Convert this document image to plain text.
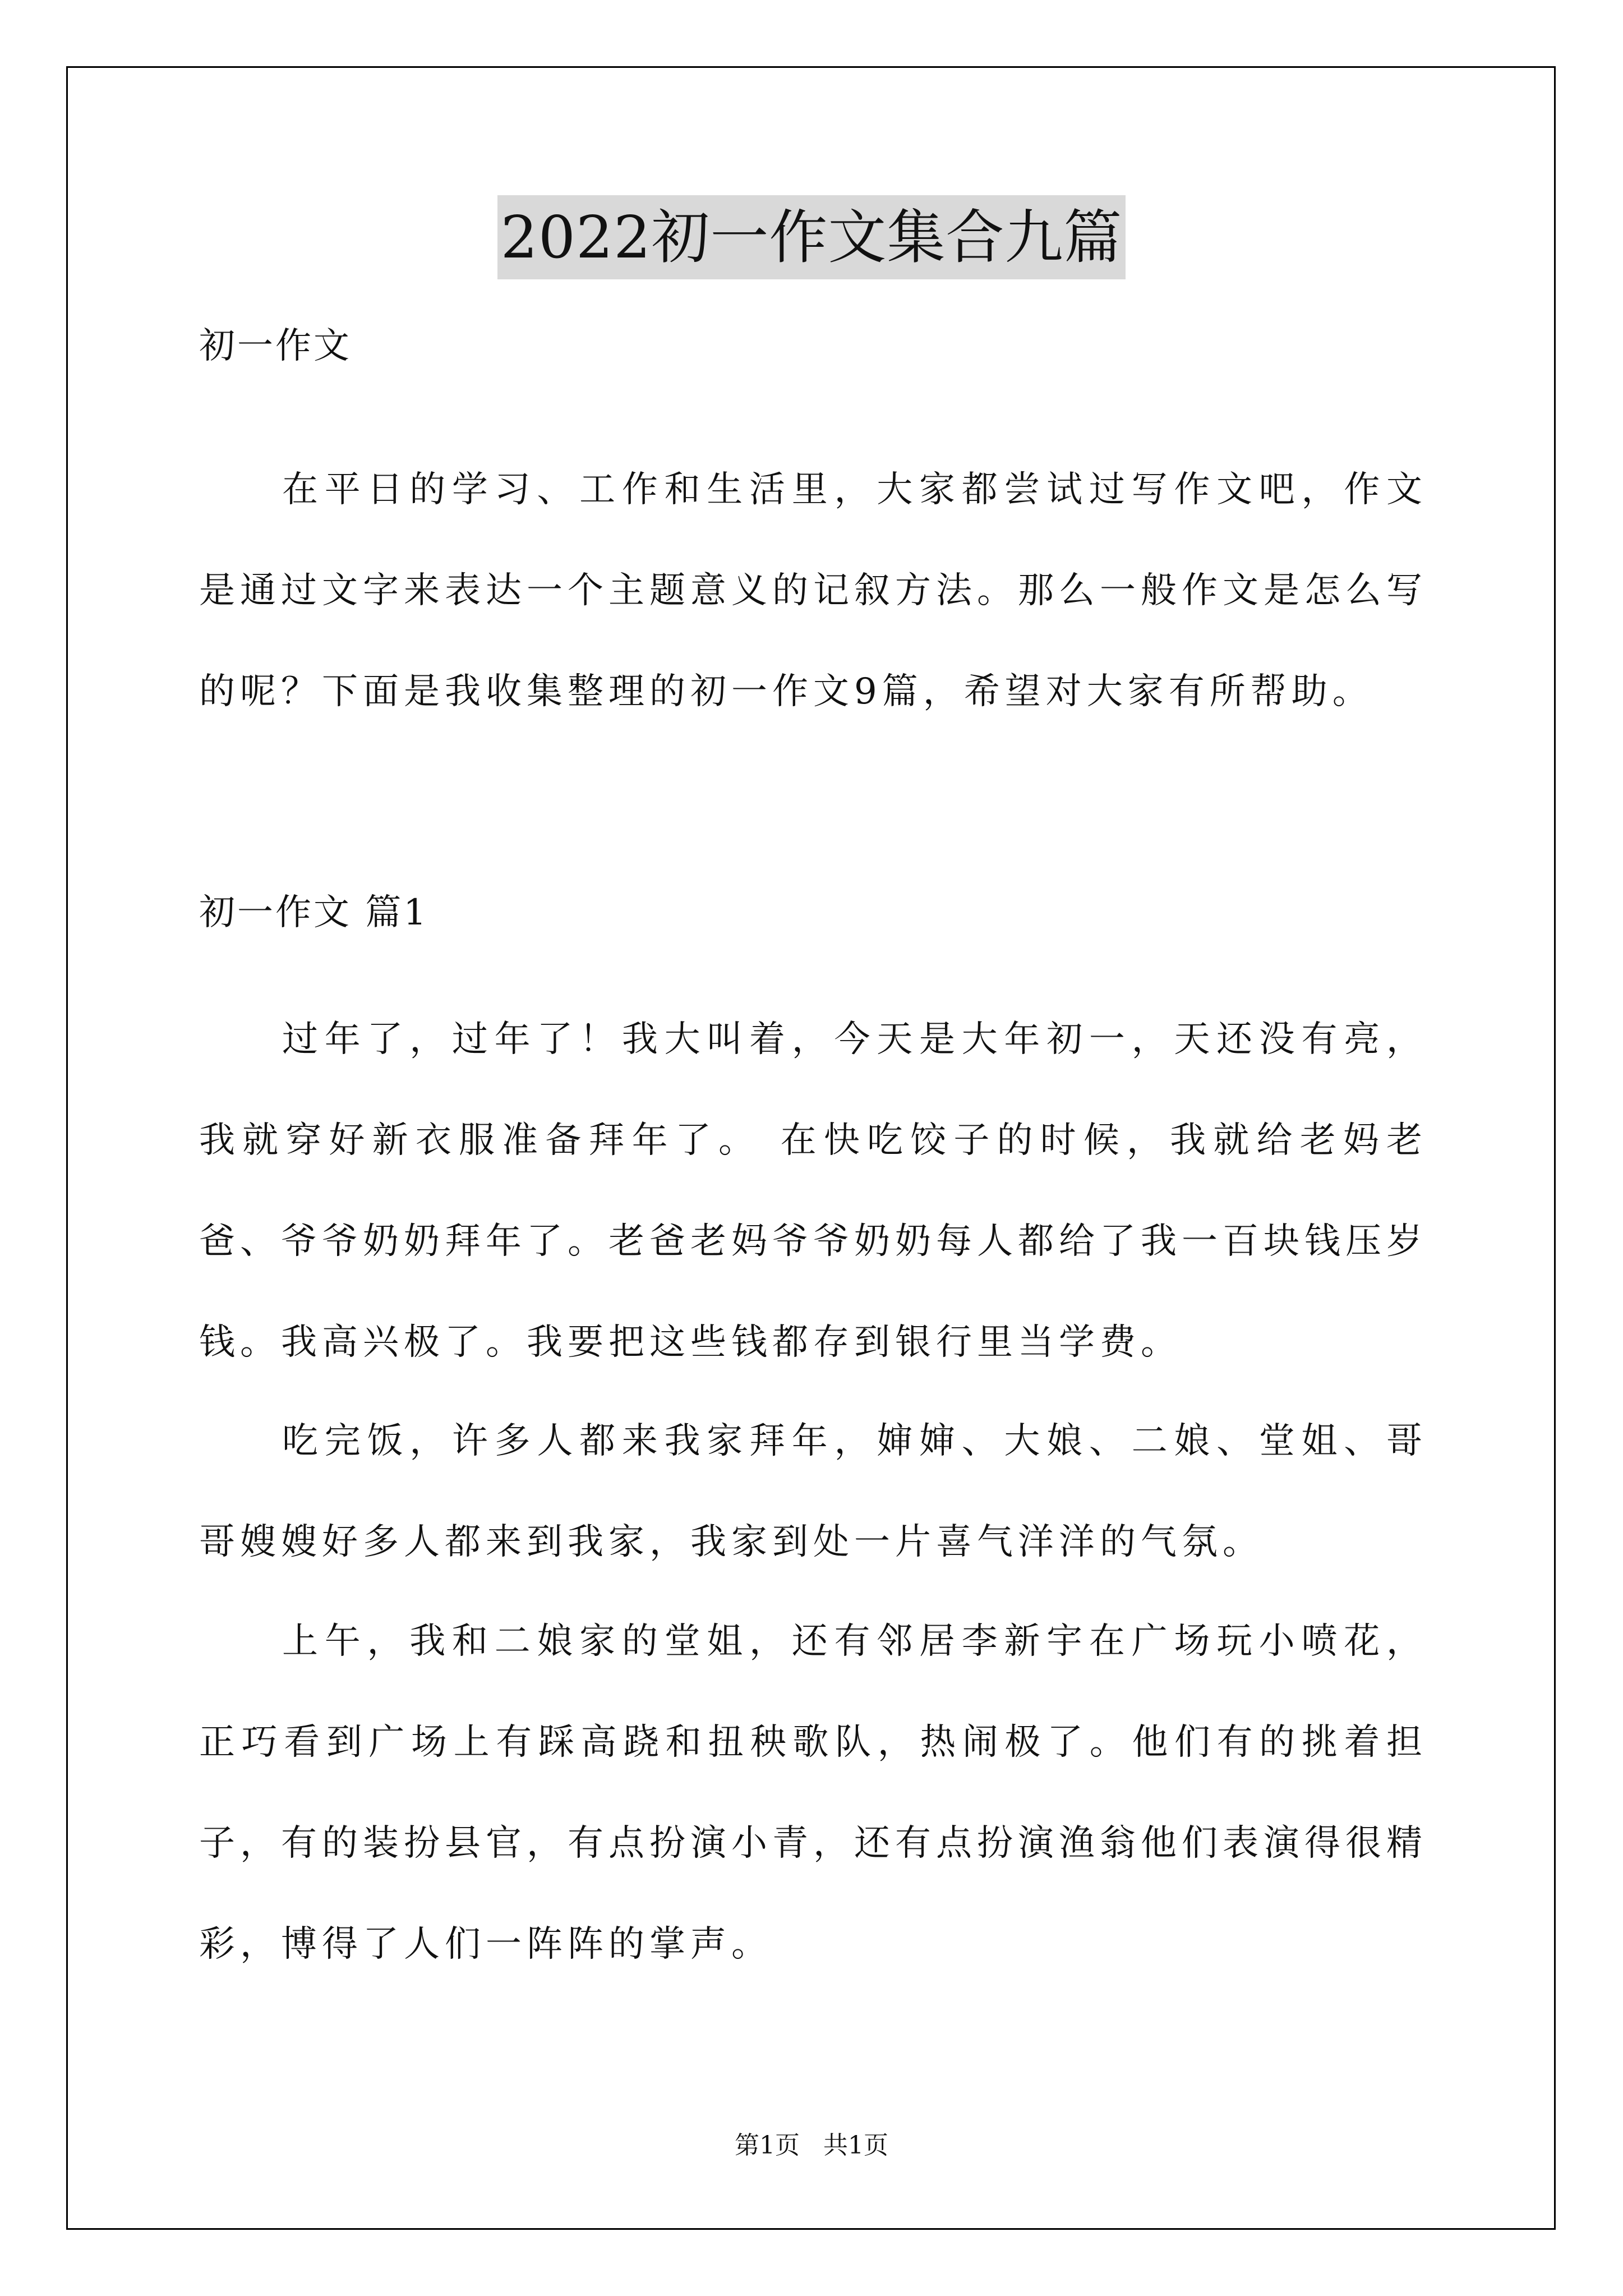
2022初一作文集合九篇
初一作文

在平日的学习、工作和生活里，大家都尝试过写作文吧，作文是通过文字来表达一个主题意义的记叙方法。那么一般作文是怎么写的呢？下面是我收集整理的初一作文9篇，希望对大家有所帮助。

初一作文 篇1

过年了，过年了！我大叫着，今天是大年初一，天还没有亮，我就穿好新衣服准备拜年了。 在快吃饺子的时候，我就给老妈老爸、爷爷奶奶拜年了。老爸老妈爷爷奶奶每人都给了我一百块钱压岁钱。我高兴极了。我要把这些钱都存到银行里当学费。

吃完饭，许多人都来我家拜年，婶婶、大娘、二娘、堂姐、哥哥嫂嫂好多人都来到我家，我家到处一片喜气洋洋的气氛。

上午，我和二娘家的堂姐，还有邻居李新宇在广场玩小喷花，正巧看到广场上有踩高跷和扭秧歌队，热闹极了。他们有的挑着担子，有的装扮县官，有点扮演小青，还有点扮演渔翁他们表演得很精彩，博得了人们一阵阵的掌声。

第1页 共1页
